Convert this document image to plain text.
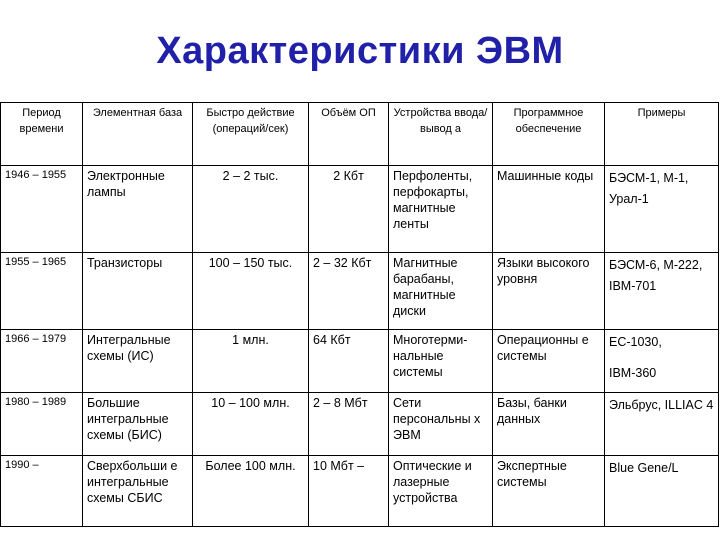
Характеристики ЭВМ
Период времени	Элементная база	Быстро действие (операций/сек)	Объём ОП	Устройства ввода/вывод а	Программное обеспечение	Примеры
1946 – 1955	Электронные лампы	2 – 2 тыс.	2 Кбт	Перфоленты, перфокарты, магнитные ленты	Машинные коды	БЭСМ-1, М-1, Урал-1
1955 – 1965	Транзисторы	100 – 150 тыс.	2 – 32 Кбт	Магнитные барабаны, магнитные диски	Языки высокого уровня	БЭСМ-6, М-222, IBM-701
1966 – 1979	Интегральные схемы (ИС)	1 млн.	64 Кбт	Многотерми-нальные системы	Операционны е системы	ЕС-1030,
IBM-360
1980 – 1989	Большие интегральные схемы (БИС)	10 – 100 млн.	2 – 8 Мбт	Сети персональны х ЭВМ	Базы, банки данных	Эльбрус, ILLIAC 4
1990 –	Сверхбольши е интегральные схемы СБИС	Более 100 млн.	10 Мбт –	Оптические и лазерные устройства	Экспертные системы	Blue Gene/L
